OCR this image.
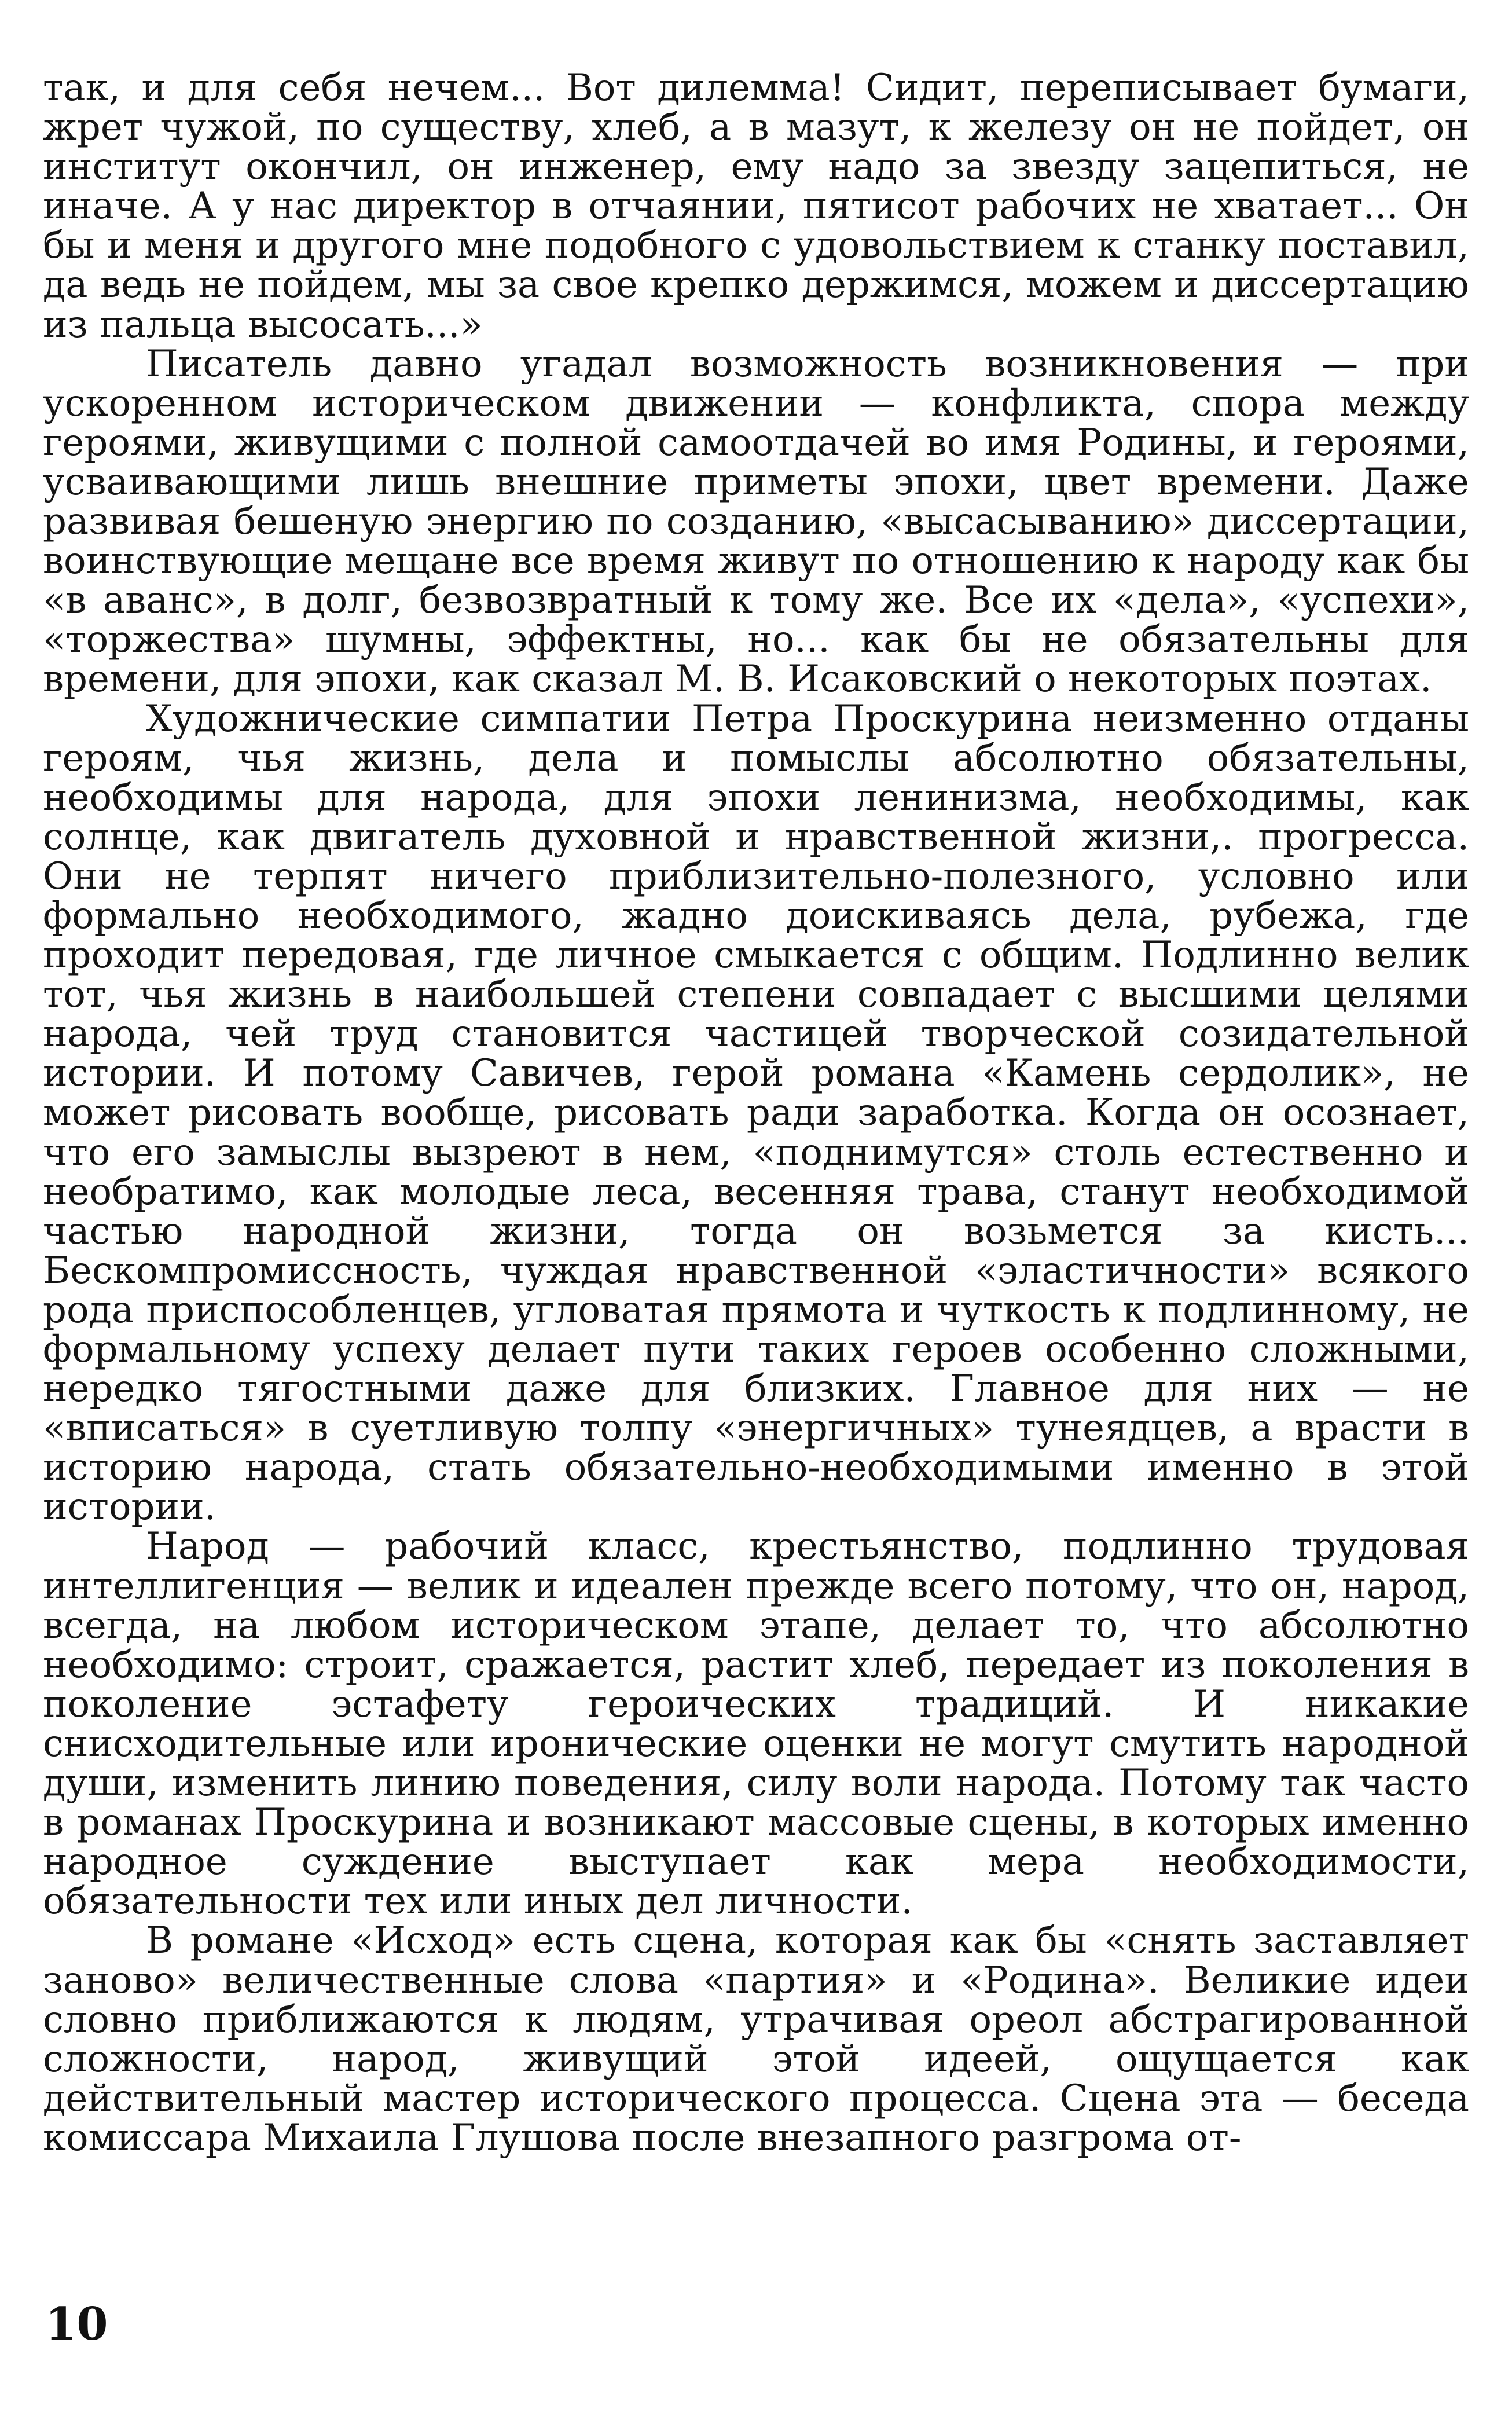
так, и для себя нечем... Вот дилемма! Сидит, переписывает бумаги, жрет чужой, по существу, хлеб, а в мазут, к железу он не пойдет, он институт окончил, он инженер, ему надо за звезду зацепиться, не иначе. А у нас директор в отчаянии, пятисот рабочих не хватает... Он бы и меня и другого мне подобного с удовольствием к станку поставил, да ведь не пойдем, мы за свое крепко держимся, можем и диссертацию из пальца высосать...»

Писатель давно угадал возможность возникновения — при ускоренном историческом движении — конфликта, спора между героями, живущими с полной самоотдачей во имя Родины, и героями, усваивающими лишь внешние приметы эпохи, цвет времени. Даже развивая бешеную энергию по созданию, «высасыванию» диссертации, воинствующие мещане все время живут по отношению к народу как бы «в аванс», в долг, безвозвратный к тому же. Все их «дела», «успехи», «торжества» шумны, эффектны, но... как бы не обязательны для времени, для эпохи, как сказал М. В. Исаковский о некоторых поэтах.

Художнические симпатии Петра Проскурина неизменно отданы героям, чья жизнь, дела и помыслы абсолютно обязательны, необходимы для народа, для эпохи ленинизма, необходимы, как солнце, как двигатель духовной и нравственной жизни,. прогресса. Они не терпят ничего приблизительно-полезного, условно или формально необходимого, жадно доискиваясь дела, рубежа, где проходит передовая, где личное смыкается с общим. Подлинно велик тот, чья жизнь в наибольшей степени совпадает с высшими целями народа, чей труд становится частицей творческой созидательной истории. И потому Савичев, герой романа «Камень сердолик», не может рисовать вообще, рисовать ради заработка. Когда он осознает, что его замыслы вызреют в нем, «поднимутся» столь естественно и необратимо, как молодые леса, весенняя трава, станут необходимой частью народной жизни, тогда он возьмется за кисть... Бескомпромиссность, чуждая нравственной «эластичности» всякого рода приспособленцев, угловатая прямота и чуткость к подлинному, не формальному успеху делает пути таких героев особенно сложными, нередко тягостными даже для близких. Главное для них — не «вписаться» в суетливую толпу «энергичных» тунеядцев, а врасти в историю народа, стать обязательно-необходимыми именно в этой истории.

Народ — рабочий класс, крестьянство, подлинно трудовая интеллигенция — велик и идеален прежде всего потому, что он, народ, всегда, на любом историческом этапе, делает то, что абсолютно необходимо: строит, сражается, растит хлеб, передает из поколения в поколение эстафету героических традиций. И никакие снисходительные или иронические оценки не могут смутить народной души, изменить линию поведения, силу воли народа. Потому так часто в романах Проскурина и возникают массовые сцены, в которых именно народное суждение выступает как мера необходимости, обязательности тех или иных дел личности.

В романе «Исход» есть сцена, которая как бы «снять заставляет заново» величественные слова «партия» и «Родина». Великие идеи словно приближаются к людям, утрачивая ореол абстрагированной сложности, народ, живущий этой идеей, ощущается как действительный мастер исторического процесса. Сцена эта — беседа комиссара Михаила Глушова после внезапного разгрома от-

10
